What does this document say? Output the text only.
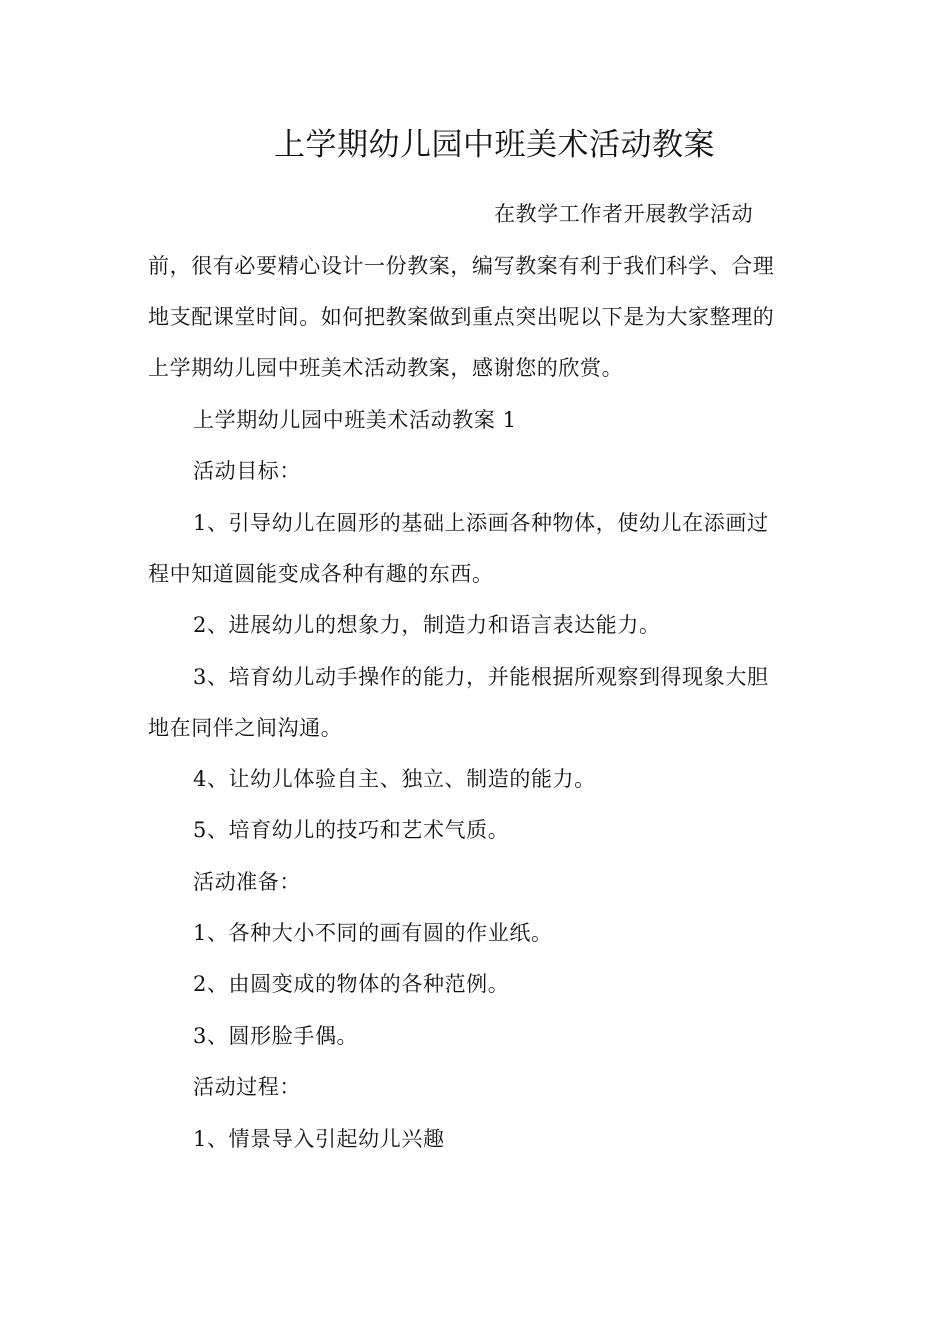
上学期幼儿园中班美术活动教案
在教学工作者开展教学活动
前，很有必要精心设计一份教案，编写教案有利于我们科学、合理
地支配课堂时间。如何把教案做到重点突出呢以下是为大家整理的
上学期幼儿园中班美术活动教案，感谢您的欣赏。
上学期幼儿园中班美术活动教案 1
活动目标：
1、引导幼儿在圆形的基础上添画各种物体，使幼儿在添画过
程中知道圆能变成各种有趣的东西。
2、进展幼儿的想象力，制造力和语言表达能力。
3、培育幼儿动手操作的能力，并能根据所观察到得现象大胆
地在同伴之间沟通。
4、让幼儿体验自主、独立、制造的能力。
5、培育幼儿的技巧和艺术气质。
活动准备：
1、各种大小不同的画有圆的作业纸。
2、由圆变成的物体的各种范例。
3、圆形脸手偶。
活动过程：
1、情景导入引起幼儿兴趣
